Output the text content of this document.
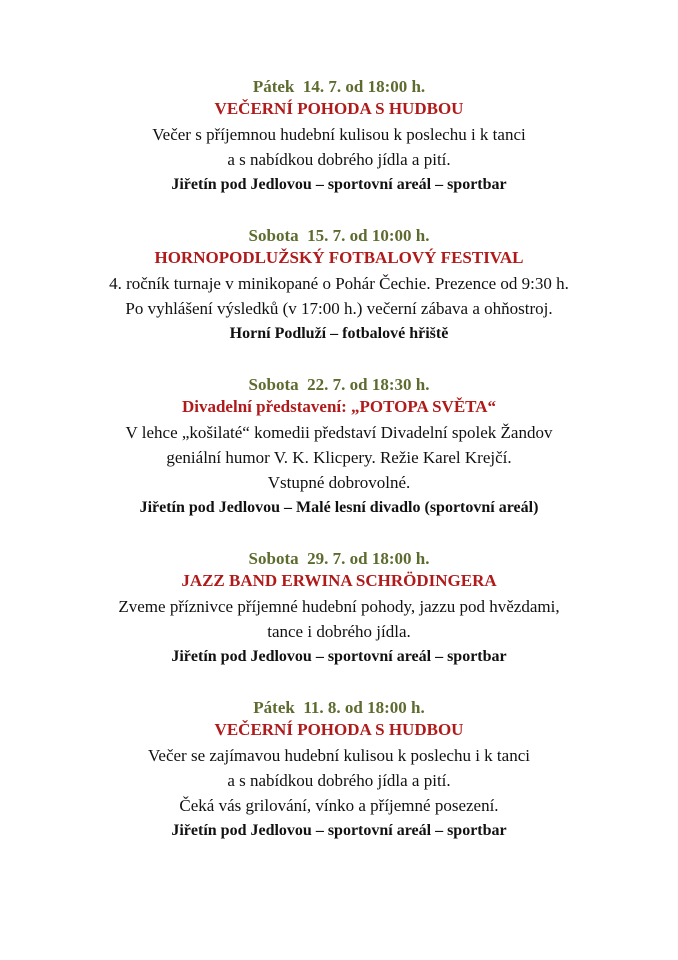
Pátek  14. 7. od 18:00 h.
VEČERNÍ POHODA S HUDBOU
Večer s příjemnou hudební kulisou k poslechu i k tanci
a s nabídkou dobrého jídla a pití.
Jiřetín pod Jedlovou – sportovní areál – sportbar
Sobota  15. 7. od 10:00 h.
HORNOPODLUŽSKÝ FOTBALOVÝ FESTIVAL
4. ročník turnaje v minikopané o Pohár Čechie. Prezence od 9:30 h.
Po vyhlášení výsledků (v 17:00 h.) večerní zábava a ohňostroj.
Horní Podluží – fotbalové hřiště
Sobota  22. 7. od 18:30 h.
Divadelní představení: „POTOPA SVĚTA“
V lehce „košilaté“ komedii představí Divadelní spolek Žandov
geniální humor V. K. Klicpery. Režie Karel Krejčí.
Vstupné dobrovolné.
Jiřetín pod Jedlovou – Malé lesní divadlo (sportovní areál)
Sobota  29. 7. od 18:00 h.
JAZZ BAND ERWINA SCHRÖDINGERA
Zveme příznivce příjemné hudební pohody, jazzu pod hvězdami,
tance i dobrého jídla.
Jiřetín pod Jedlovou – sportovní areál – sportbar
Pátek  11. 8. od 18:00 h.
VEČERNÍ POHODA S HUDBOU
Večer se zajímavou hudební kulisou k poslechu i k tanci
a s nabídkou dobrého jídla a pití.
Čeká vás grilování, vínko a příjemné posezení.
Jiřetín pod Jedlovou – sportovní areál – sportbar
